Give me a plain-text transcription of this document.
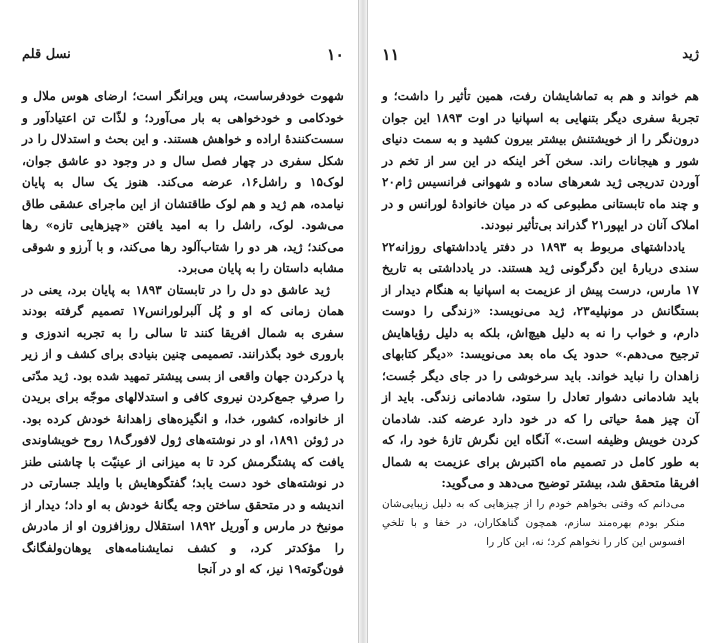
۱۰
نسل قلم

شهوت خودفرساست، پس ویرانگر است؛ ارضای هوس ملال و خودکامی و خودخواهی به بار می‌آورد؛ و لذّات تن اعتیادآور و سست‌کنندهٔ اراده و خواهش هستند. و این بحث و استدلال را در شکل سفری در چهار فصل سال و در وجود دو عاشق جوان، لوک۱۵ و راشل۱۶، عرضه می‌کند. هنوز یک سال به پایان نیامده، هم ژید و هم لوک طاقتشان از این ماجرای عشقی طاق می‌شود. لوک، راشل را به امید یافتن «چیزهایی تازه» رها می‌کند؛ ژید، هر دو را شتاب‌آلود رها می‌کند، و با آرزو و شوقی مشابه داستان را به پایان می‌برد.

ژید عاشق دو دل را در تابستان ۱۸۹۳ به پایان برد، یعنی در همان زمانی که او و پُل آلبرلورانس۱۷ تصمیم گرفته بودند سفری به شمال افریقا کنند تا سالی را به تجربه اندوزی و باروری خود بگذرانند. تصمیمی چنین بنیادی برای کشف و از زیر پا درکردن جهان واقعی از بسی پیشتر تمهید شده بود. ژید مدّتی را صرفِ جمع‌کردن نیروی کافی و استدلالهای موجّه برای بریدن از خانواده، کشور، خدا، و انگیزه‌های زاهدانهٔ خودش کرده بود. در ژوئن ۱۸۹۱، او در نوشته‌های ژول لافورگ۱۸ روح خویشاوندی یافت که پشتگرمش کرد تا به میزانی از عینیّت با چاشنی طنز در نوشته‌های خود دست یابد؛ گفتگوهایش با وایلد جسارتی در اندیشه و در متحقق ساختن وجه یگانهٔ خودش به او داد؛ دیدار از مونیخ در مارس و آوریل ۱۸۹۲ استقلال روزافزون او از مادرش را مؤکدتر کرد، و کشف نمایشنامه‌های یوهان‌ولفگانگ فون‌گوته۱۹ نیز، که او در آنجا

ژید
۱۱

هم خواند و هم به تماشایشان رفت، همین تأثیر را داشت؛ و تجربهٔ سفری دیگر بتنهایی به اسپانیا در اوت ۱۸۹۳ این جوان درون‌نگر را از خویشتنش بیشتر بیرون کشید و به سمت دنیای شور و هیجانات راند. سخن آخر اینکه در این سر از تخم در آوردن تدریجی ژید شعرهای ساده و شهوانی فرانسیس ژام۲۰ و چند ماه تابستانی مطبوعی که در میان خانوادهٔ لورانس و در املاک آنان در ایپور۲۱ گذراند بی‌تأثیر نبودند.

یادداشتهای مربوط به ۱۸۹۳ در دفتر یادداشتهای روزانه۲۲ سندی دربارهٔ این دگرگونی ژید هستند. در یادداشتی به تاریخ ۱۷ مارس، درست پیش از عزیمت به اسپانیا به هنگام دیدار از بستگانش در مونپلیه۲۳، ژید می‌نویسد: «زندگی را دوست دارم، و خواب را نه به دلیل هیچ‌اش، بلکه به دلیل رؤیاهایش ترجیح می‌دهم.» حدود یک ماه بعد می‌نویسد: «دیگر کتابهای زاهدان را نباید خواند. باید سرخوشی را در جای دیگر جُست؛ باید شادمانی دشوار تعادل را ستود، شادمانی زندگی. باید از آن چیز همهٔ حیاتی را که در خود دارد عرضه کند. شادمان کردن خویش وظیفه است.» آنگاه این نگرش تازهٔ خود را، که به طور کامل در تصمیم ماه اکتبرش برای عزیمت به شمال افریقا متحقق شد، بیشتر توضیح می‌دهد و می‌گوید:

می‌دانم که وقتی بخواهم خودم را از چیزهایی که به دلیل زیبایی‌شان منکر بودم بهره‌مند سازم، همچون گناهکاران، در خفا و با تلخیِ افسوس این کار را نخواهم کرد؛ نه، این کار را
